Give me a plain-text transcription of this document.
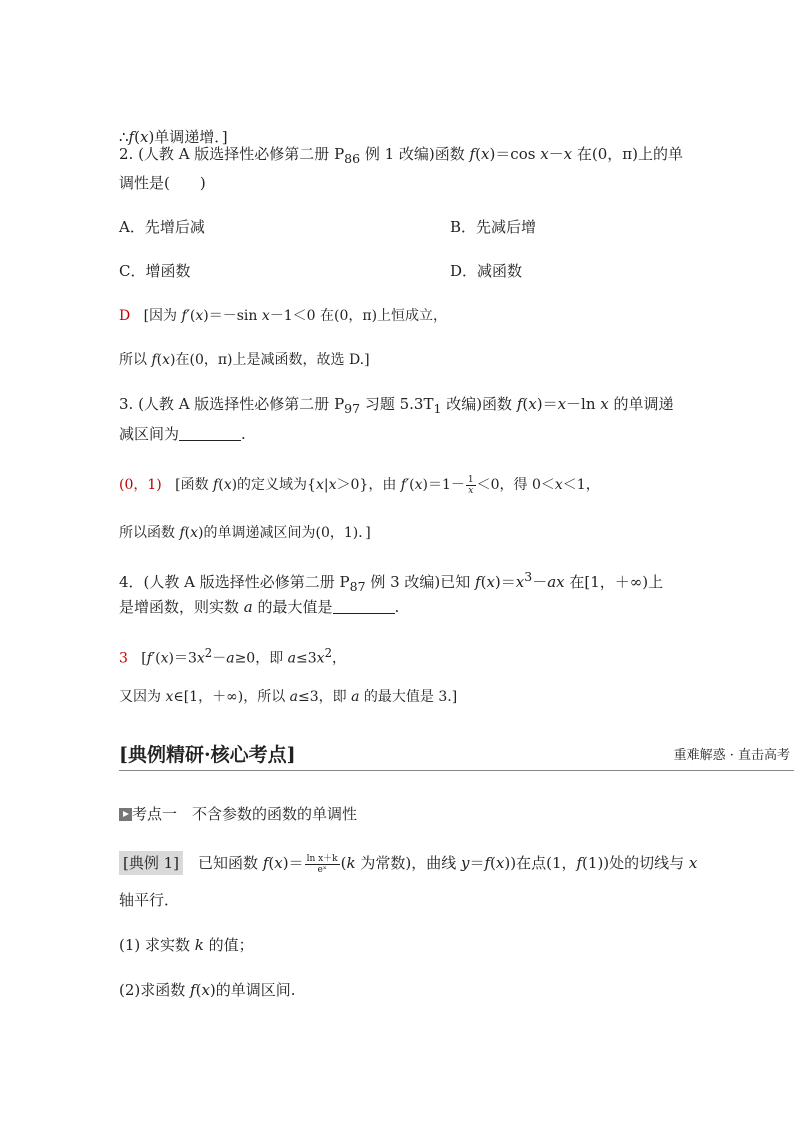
∴f(x)单调递增．]
2. (人教 A 版选择性必修第二册 $P_{86}$ 例 1 改编)函数 f(x)＝cos x－x 在(0，π)上的单
调性是(　　)
A．先增后减	B．先减后增
C．增函数	D．减函数
D [因为 f′(x)＝－sin x－1＜0 在(0，π)上恒成立，
所以 f(x)在(0，π)上是减函数，故选 D.]
3. (人教 A 版选择性必修第二册 $P_{97}$ 习题 $5.3T_1$ 改编)函数 f(x)＝x－ln x 的单调递
减区间为	.
(0，1) [函数 f(x)的定义域为{x|x＞0}，由 $f'(x)=1- \frac{1}{x} <0$，得 0＜x＜1，
所以函数 f(x)的单调递减区间为(0，1)．]
4．(人教 A 版选择性必修第二册 $P_{87}$ 例 3 改编)已知 $f(x)=x^3-ax$ 在[1，＋∞)上
是增函数，则实数 a 的最大值是	.
3 [$f'(x)=3x^2-a\ge 0$，即 $a\le 3x^2$，
又因为 x∈[1，＋∞)，所以 a≤3，即 a 的最大值是 3.]
[典例精研·核心考点]	重难解惑 · 直击高考
考点一　不含参数的函数的单调性
[典例 1]　已知函数 $f(x)= \frac{\text{ln x＋k}}{\text{eˣ}} (k$ 为常数)，曲线 y＝f(x))在点(1，f(1))处的切线与 x
轴平行．
(1) 求实数 k 的值；
(2)求函数 f(x)的单调区间.
